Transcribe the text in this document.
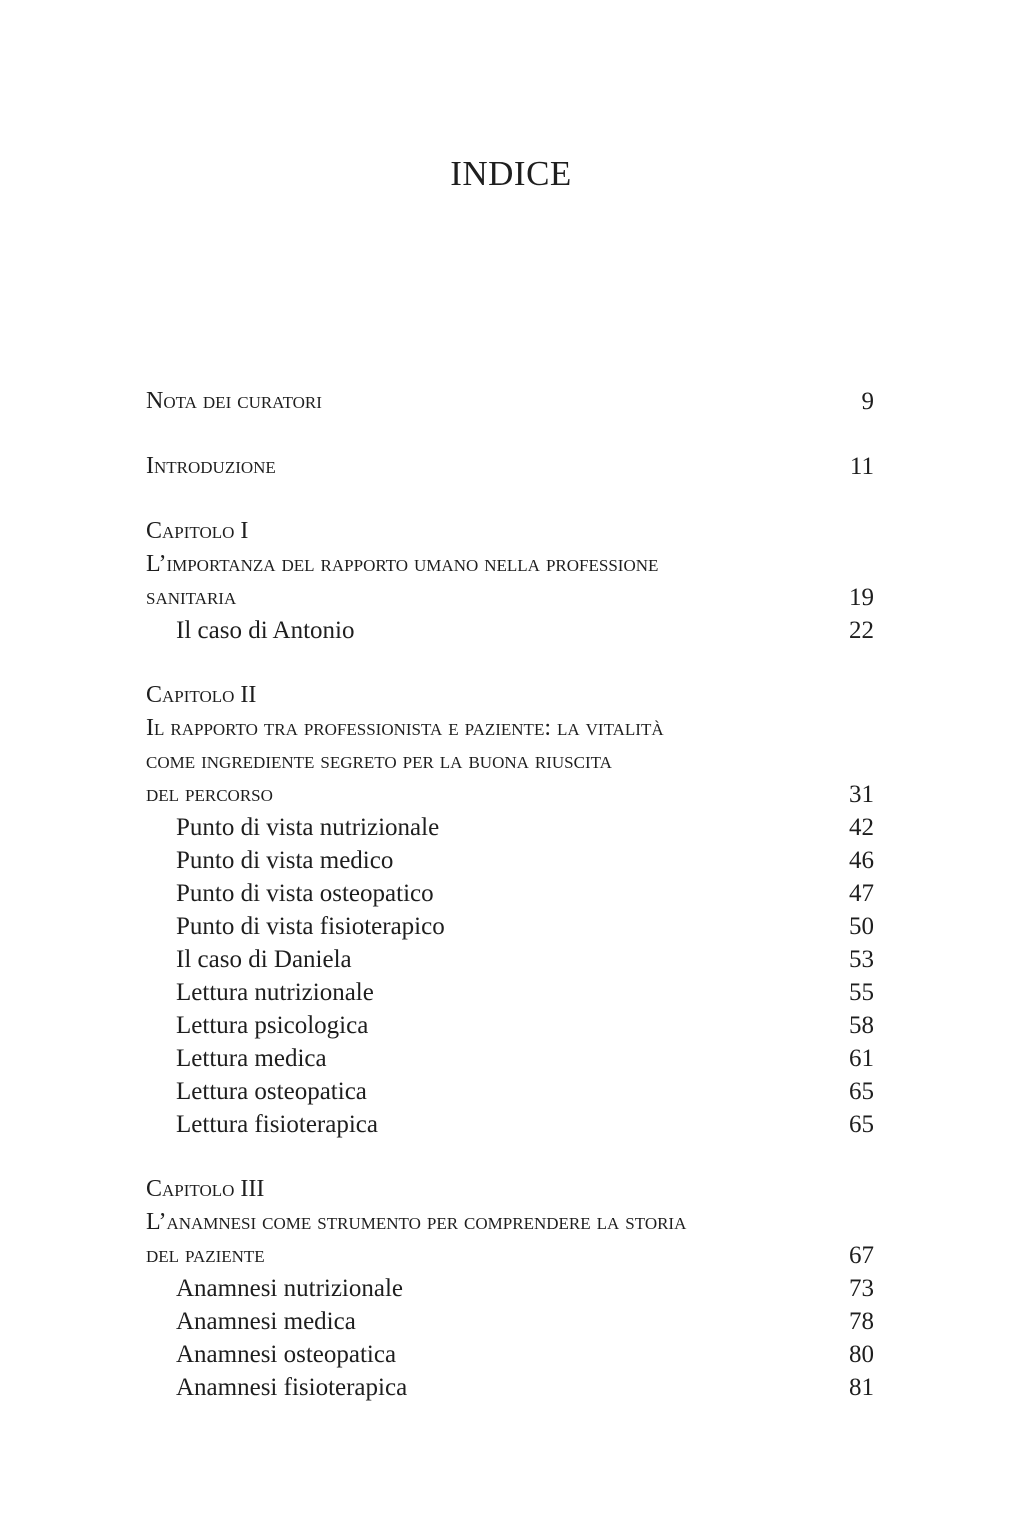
INDICE
Nota dei curatori	9
Introduzione	11
Capitolo I
L’importanza del rapporto umano nella professione
sanitaria	19
Il caso di Antonio	22
Capitolo II
Il rapporto tra professionista e paziente: la vitalità
come ingrediente segreto per la buona riuscita
del percorso	31
Punto di vista nutrizionale	42
Punto di vista medico	46
Punto di vista osteopatico	47
Punto di vista fisioterapico	50
Il caso di Daniela	53
Lettura nutrizionale	55
Lettura psicologica	58
Lettura medica	61
Lettura osteopatica	65
Lettura fisioterapica	65
Capitolo III
L’anamnesi come strumento per comprendere la storia
del paziente	67
Anamnesi nutrizionale	73
Anamnesi medica	78
Anamnesi osteopatica	80
Anamnesi fisioterapica	81
